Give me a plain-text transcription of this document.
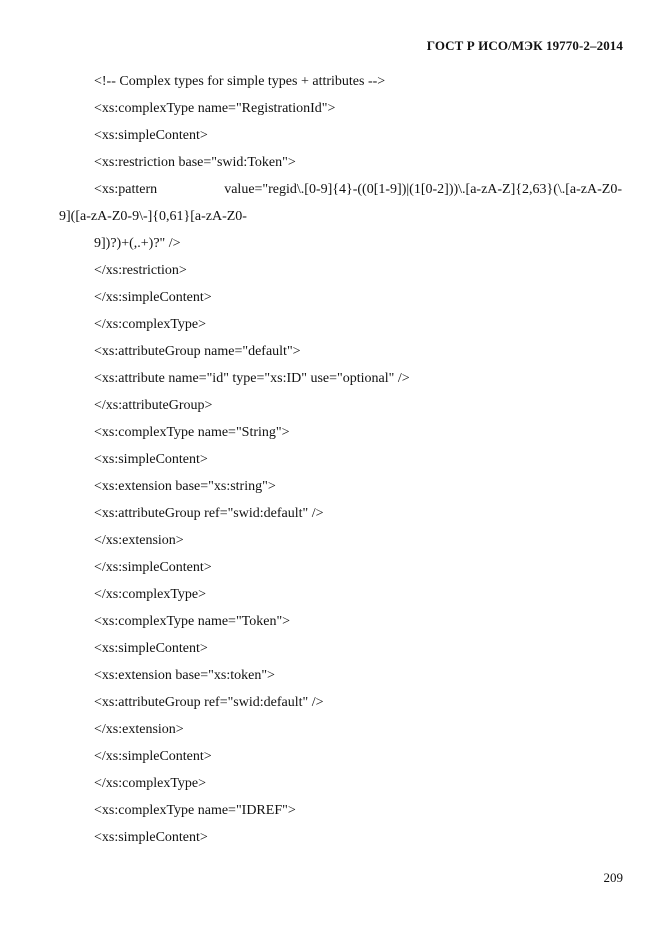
ГОСТ Р ИСО/МЭК 19770-2–2014
<!-- Complex types for simple types + attributes -->
<xs:complexType name="RegistrationId">
<xs:simpleContent>
<xs:restriction base="swid:Token">
<xs:pattern	value="regid\.[0-9]{4}-((0[1-9])|(1[0-2]))\.[a-zA-Z]{2,63}(\.[a-zA-Z0-
9]([a-zA-Z0-9\-]{0,61}[a-zA-Z0-
9])?)+(,.+)?" />
</xs:restriction>
</xs:simpleContent>
</xs:complexType>
<xs:attributeGroup name="default">
<xs:attribute name="id" type="xs:ID" use="optional" />
</xs:attributeGroup>
<xs:complexType name="String">
<xs:simpleContent>
<xs:extension base="xs:string">
<xs:attributeGroup ref="swid:default" />
</xs:extension>
</xs:simpleContent>
</xs:complexType>
<xs:complexType name="Token">
<xs:simpleContent>
<xs:extension base="xs:token">
<xs:attributeGroup ref="swid:default" />
</xs:extension>
</xs:simpleContent>
</xs:complexType>
<xs:complexType name="IDREF">
<xs:simpleContent>
209
